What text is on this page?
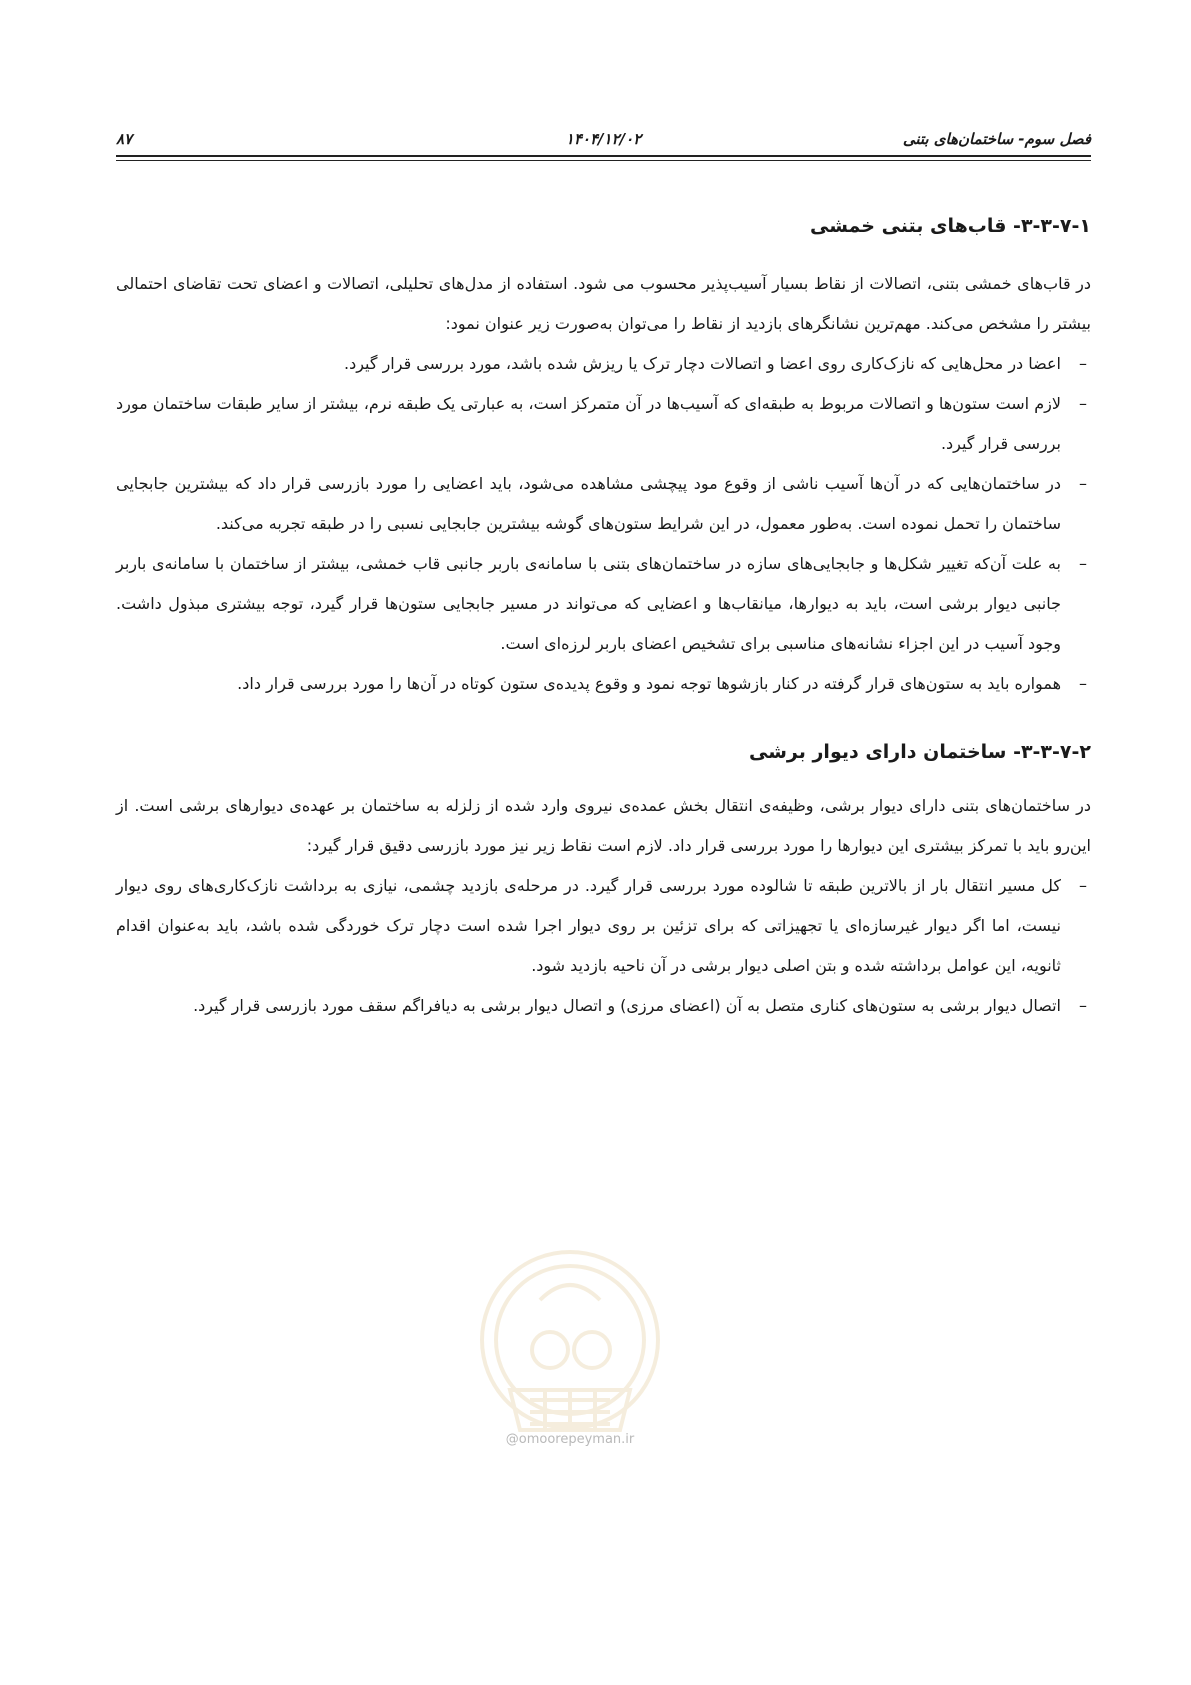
فصل سوم- ساختمان‌های بتنی
۱۴۰۴/۱۲/۰۲
۸۷
۳-۳-۷-۱- قاب‌های بتنی خمشی

در قاب‌های خمشی بتنی، اتصالات از نقاط بسیار آسیب‌پذیر محسوب می شود. استفاده از مدل‌های تحلیلی، اتصالات و اعضای تحت تقاضای احتمالی بیشتر را مشخص می‌کند. مهم‌ترین نشانگرهای بازدید از نقاط را می‌توان به‌صورت زیر عنوان نمود:

–
اعضا در محل‌هایی که نازک‌کاری روی اعضا و اتصالات دچار ترک یا ریزش شده باشد، مورد بررسی قرار گیرد.
–
لازم است ستون‌ها و اتصالات مربوط به طبقه‌ای که آسیب‌ها در آن متمرکز است، به عبارتی یک طبقه نرم، بیشتر از سایر طبقات ساختمان مورد بررسی قرار گیرد.
–
در ساختمان‌هایی که در آن‌ها آسیب ناشی از وقوع مود پیچشی مشاهده می‌شود، باید اعضایی را مورد بازرسی قرار داد که بیشترین جابجایی ساختمان را تحمل نموده است. به‌طور معمول، در این شرایط ستون‌های گوشه بیشترین جابجایی نسبی را در طبقه تجربه می‌کند.
–
به علت آن‌که تغییر شکل‌ها و جابجایی‌های سازه در ساختمان‌های بتنی با سامانه‌ی باربر جانبی قاب خمشی، بیشتر از ساختمان با سامانه‌ی باربر جانبی دیوار برشی است، باید به دیوارها، میانقاب‌ها و اعضایی که می‌تواند در مسیر جابجایی ستون‌ها قرار گیرد، توجه بیشتری مبذول داشت. وجود آسیب در این اجزاء نشانه‌های مناسبی برای تشخیص اعضای باربر لرزه‌ای است.
–
همواره باید به ستون‌های قرار گرفته در کنار بازشوها توجه نمود و وقوع پدیده‌ی ستون کوتاه در آن‌ها را مورد بررسی قرار داد.
۳-۳-۷-۲- ساختمان دارای دیوار برشی

در ساختمان‌های بتنی دارای دیوار برشی، وظیفه‌ی انتقال بخش عمده‌ی نیروی وارد شده از زلزله به ساختمان بر عهده‌ی دیوارهای برشی است. از این‌رو باید با تمرکز بیشتری این دیوارها را مورد بررسی قرار داد. لازم است نقاط زیر نیز مورد بازرسی دقیق قرار گیرد:

–
کل مسیر انتقال بار از بالاترین طبقه تا شالوده مورد بررسی قرار گیرد. در مرحله‌ی بازدید چشمی، نیازی به برداشت نازک‌کاری‌های روی دیوار نیست، اما اگر دیوار غیرسازه‌ای یا تجهیزاتی که برای تزئین بر روی دیوار اجرا شده است دچار ترک خوردگی شده باشد، باید به‌عنوان اقدام ثانویه، این عوامل برداشته شده و بتن اصلی دیوار برشی در آن ناحیه بازدید شود.
–
اتصال دیوار برشی به ستون‌های کناری متصل به آن (اعضای مرزی) و اتصال دیوار برشی به دیافراگم سقف مورد بازرسی قرار گیرد.
@omoorepeyman.ir
